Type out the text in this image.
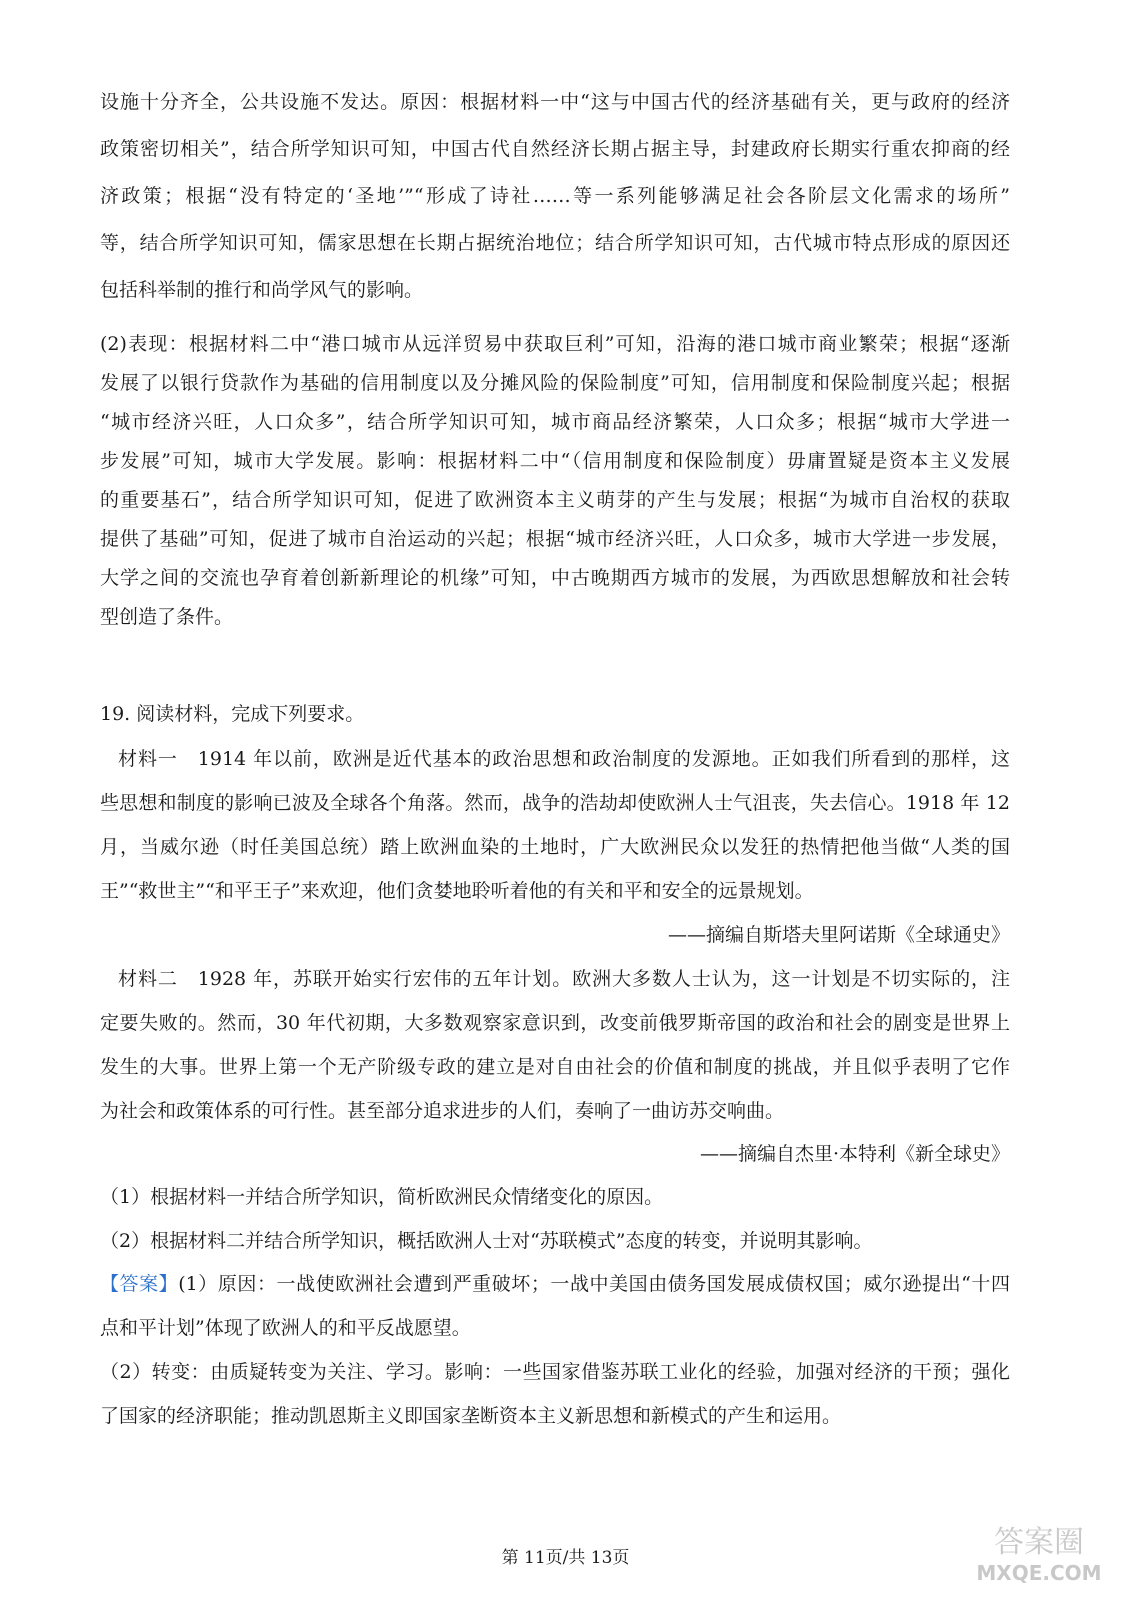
设施十分齐全，公共设施不发达。原因：根据材料一中“这与中国古代的经济基础有关，更与政府的经济
政策密切相关”，结合所学知识可知，中国古代自然经济长期占据主导，封建政府长期实行重农抑商的经
济政策；根据“没有特定的‘圣地’”“形成了诗社……等一系列能够满足社会各阶层文化需求的场所”
等，结合所学知识可知，儒家思想在长期占据统治地位；结合所学知识可知，古代城市特点形成的原因还
包括科举制的推行和尚学风气的影响。
(2)表现：根据材料二中“港口城市从远洋贸易中获取巨利”可知，沿海的港口城市商业繁荣；根据“逐渐
发展了以银行贷款作为基础的信用制度以及分摊风险的保险制度”可知，信用制度和保险制度兴起；根据
“城市经济兴旺，人口众多”，结合所学知识可知，城市商品经济繁荣，人口众多；根据“城市大学进一
步发展”可知，城市大学发展。影响：根据材料二中“（信用制度和保险制度）毋庸置疑是资本主义发展
的重要基石”，结合所学知识可知，促进了欧洲资本主义萌芽的产生与发展；根据“为城市自治权的获取
提供了基础”可知，促进了城市自治运动的兴起；根据“城市经济兴旺，人口众多，城市大学进一步发展，
大学之间的交流也孕育着创新新理论的机缘”可知，中古晚期西方城市的发展，为西欧思想解放和社会转
型创造了条件。
19. 阅读材料，完成下列要求。
材料一　1914 年以前，欧洲是近代基本的政治思想和政治制度的发源地。正如我们所看到的那样，这
些思想和制度的影响已波及全球各个角落。然而，战争的浩劫却使欧洲人士气沮丧，失去信心。1918 年 12
月，当威尔逊（时任美国总统）踏上欧洲血染的土地时，广大欧洲民众以发狂的热情把他当做“人类的国
王”“救世主”“和平王子”来欢迎，他们贪婪地聆听着他的有关和平和安全的远景规划。
——摘编自斯塔夫里阿诺斯《全球通史》
材料二　1928 年，苏联开始实行宏伟的五年计划。欧洲大多数人士认为，这一计划是不切实际的，注
定要失败的。然而，30 年代初期，大多数观察家意识到，改变前俄罗斯帝国的政治和社会的剧变是世界上
发生的大事。世界上第一个无产阶级专政的建立是对自由社会的价值和制度的挑战，并且似乎表明了它作
为社会和政策体系的可行性。甚至部分追求进步的人们，奏响了一曲访苏交响曲。
——摘编自杰里·本特利《新全球史》
（1）根据材料一并结合所学知识，简析欧洲民众情绪变化的原因。
（2）根据材料二并结合所学知识，概括欧洲人士对“苏联模式”态度的转变，并说明其影响。
【答案】(1）原因：一战使欧洲社会遭到严重破坏；一战中美国由债务国发展成债权国；威尔逊提出“十四
点和平计划”体现了欧洲人的和平反战愿望。
（2）转变：由质疑转变为关注、学习。影响：一些国家借鉴苏联工业化的经验，加强对经济的干预；强化
了国家的经济职能；推动凯恩斯主义即国家垄断资本主义新思想和新模式的产生和运用。
第 11页/共 13页	答案圈
MXQE.COM
